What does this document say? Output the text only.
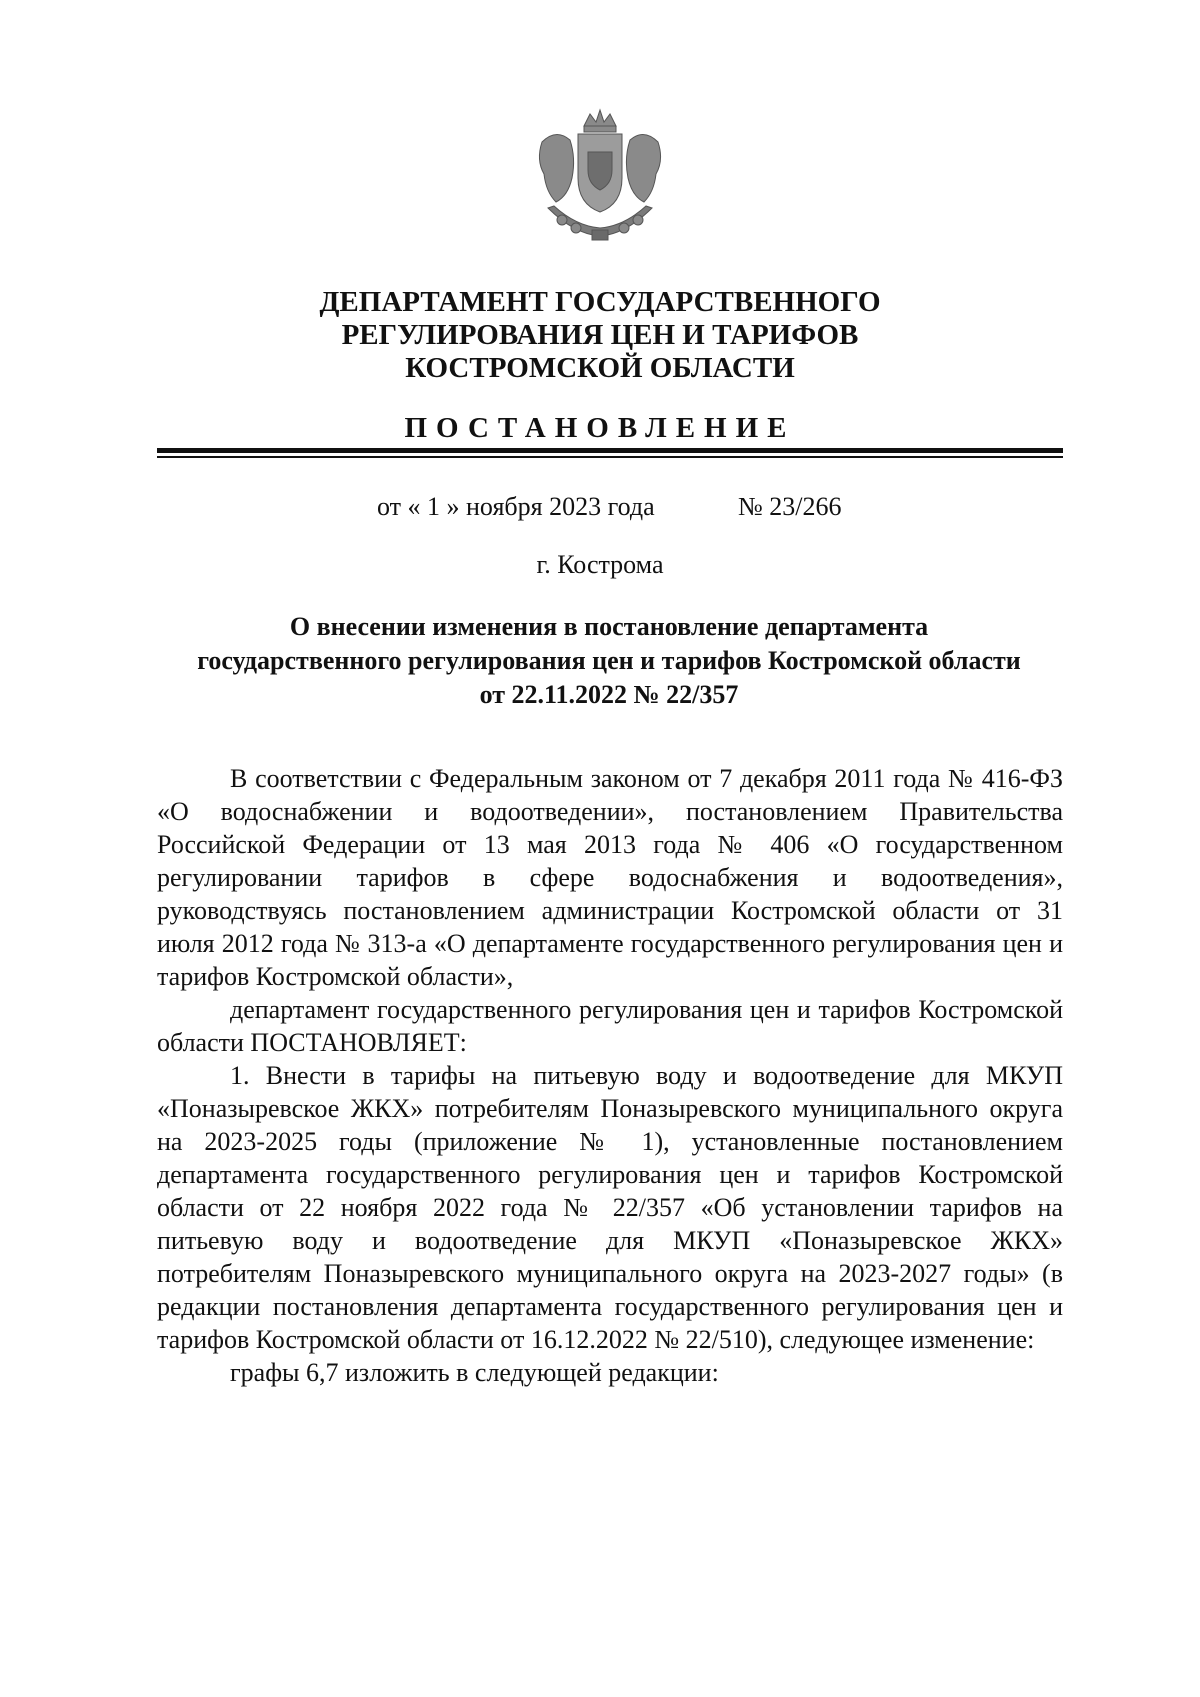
ДЕПАРТАМЕНТ ГОСУДАРСТВЕННОГО
РЕГУЛИРОВАНИЯ ЦЕН И ТАРИФОВ
КОСТРОМСКОЙ ОБЛАСТИ
ПОСТАНОВЛЕНИЕ
от « 1 » ноября 2023 года	№ 23/266
г. Кострома
О внесении изменения в постановление департамента
государственного регулирования цен и тарифов Костромской области
от 22.11.2022 № 22/357

В соответствии с Федеральным законом от 7 декабря 2011 года № 416-ФЗ «О водоснабжении и водоотведении», постановлением Правительства Российской Федерации от 13 мая 2013 года № 406 «О государственном регулировании тарифов в сфере водоснабжения и водоотведения», руководствуясь постановлением администрации Костромской области от 31 июля 2012 года № 313-а «О департаменте государственного регулирования цен и тарифов Костромской области»,

департамент государственного регулирования цен и тарифов Костромской области ПОСТАНОВЛЯЕТ:

1. Внести в тарифы на питьевую воду и водоотведение для МКУП «Поназыревское ЖКХ» потребителям Поназыревского муниципального округа на 2023-2025 годы (приложение № 1), установленные постановлением департамента государственного регулирования цен и тарифов Костромской области от 22 ноября 2022 года № 22/357 «Об установлении тарифов на питьевую воду и водоотведение для МКУП «Поназыревское ЖКХ» потребителям Поназыревского муниципального округа на 2023-2027 годы» (в редакции постановления департамента государственного регулирования цен и тарифов Костромской области от 16.12.2022 № 22/510), следующее изменение:

графы 6,7 изложить в следующей редакции:
